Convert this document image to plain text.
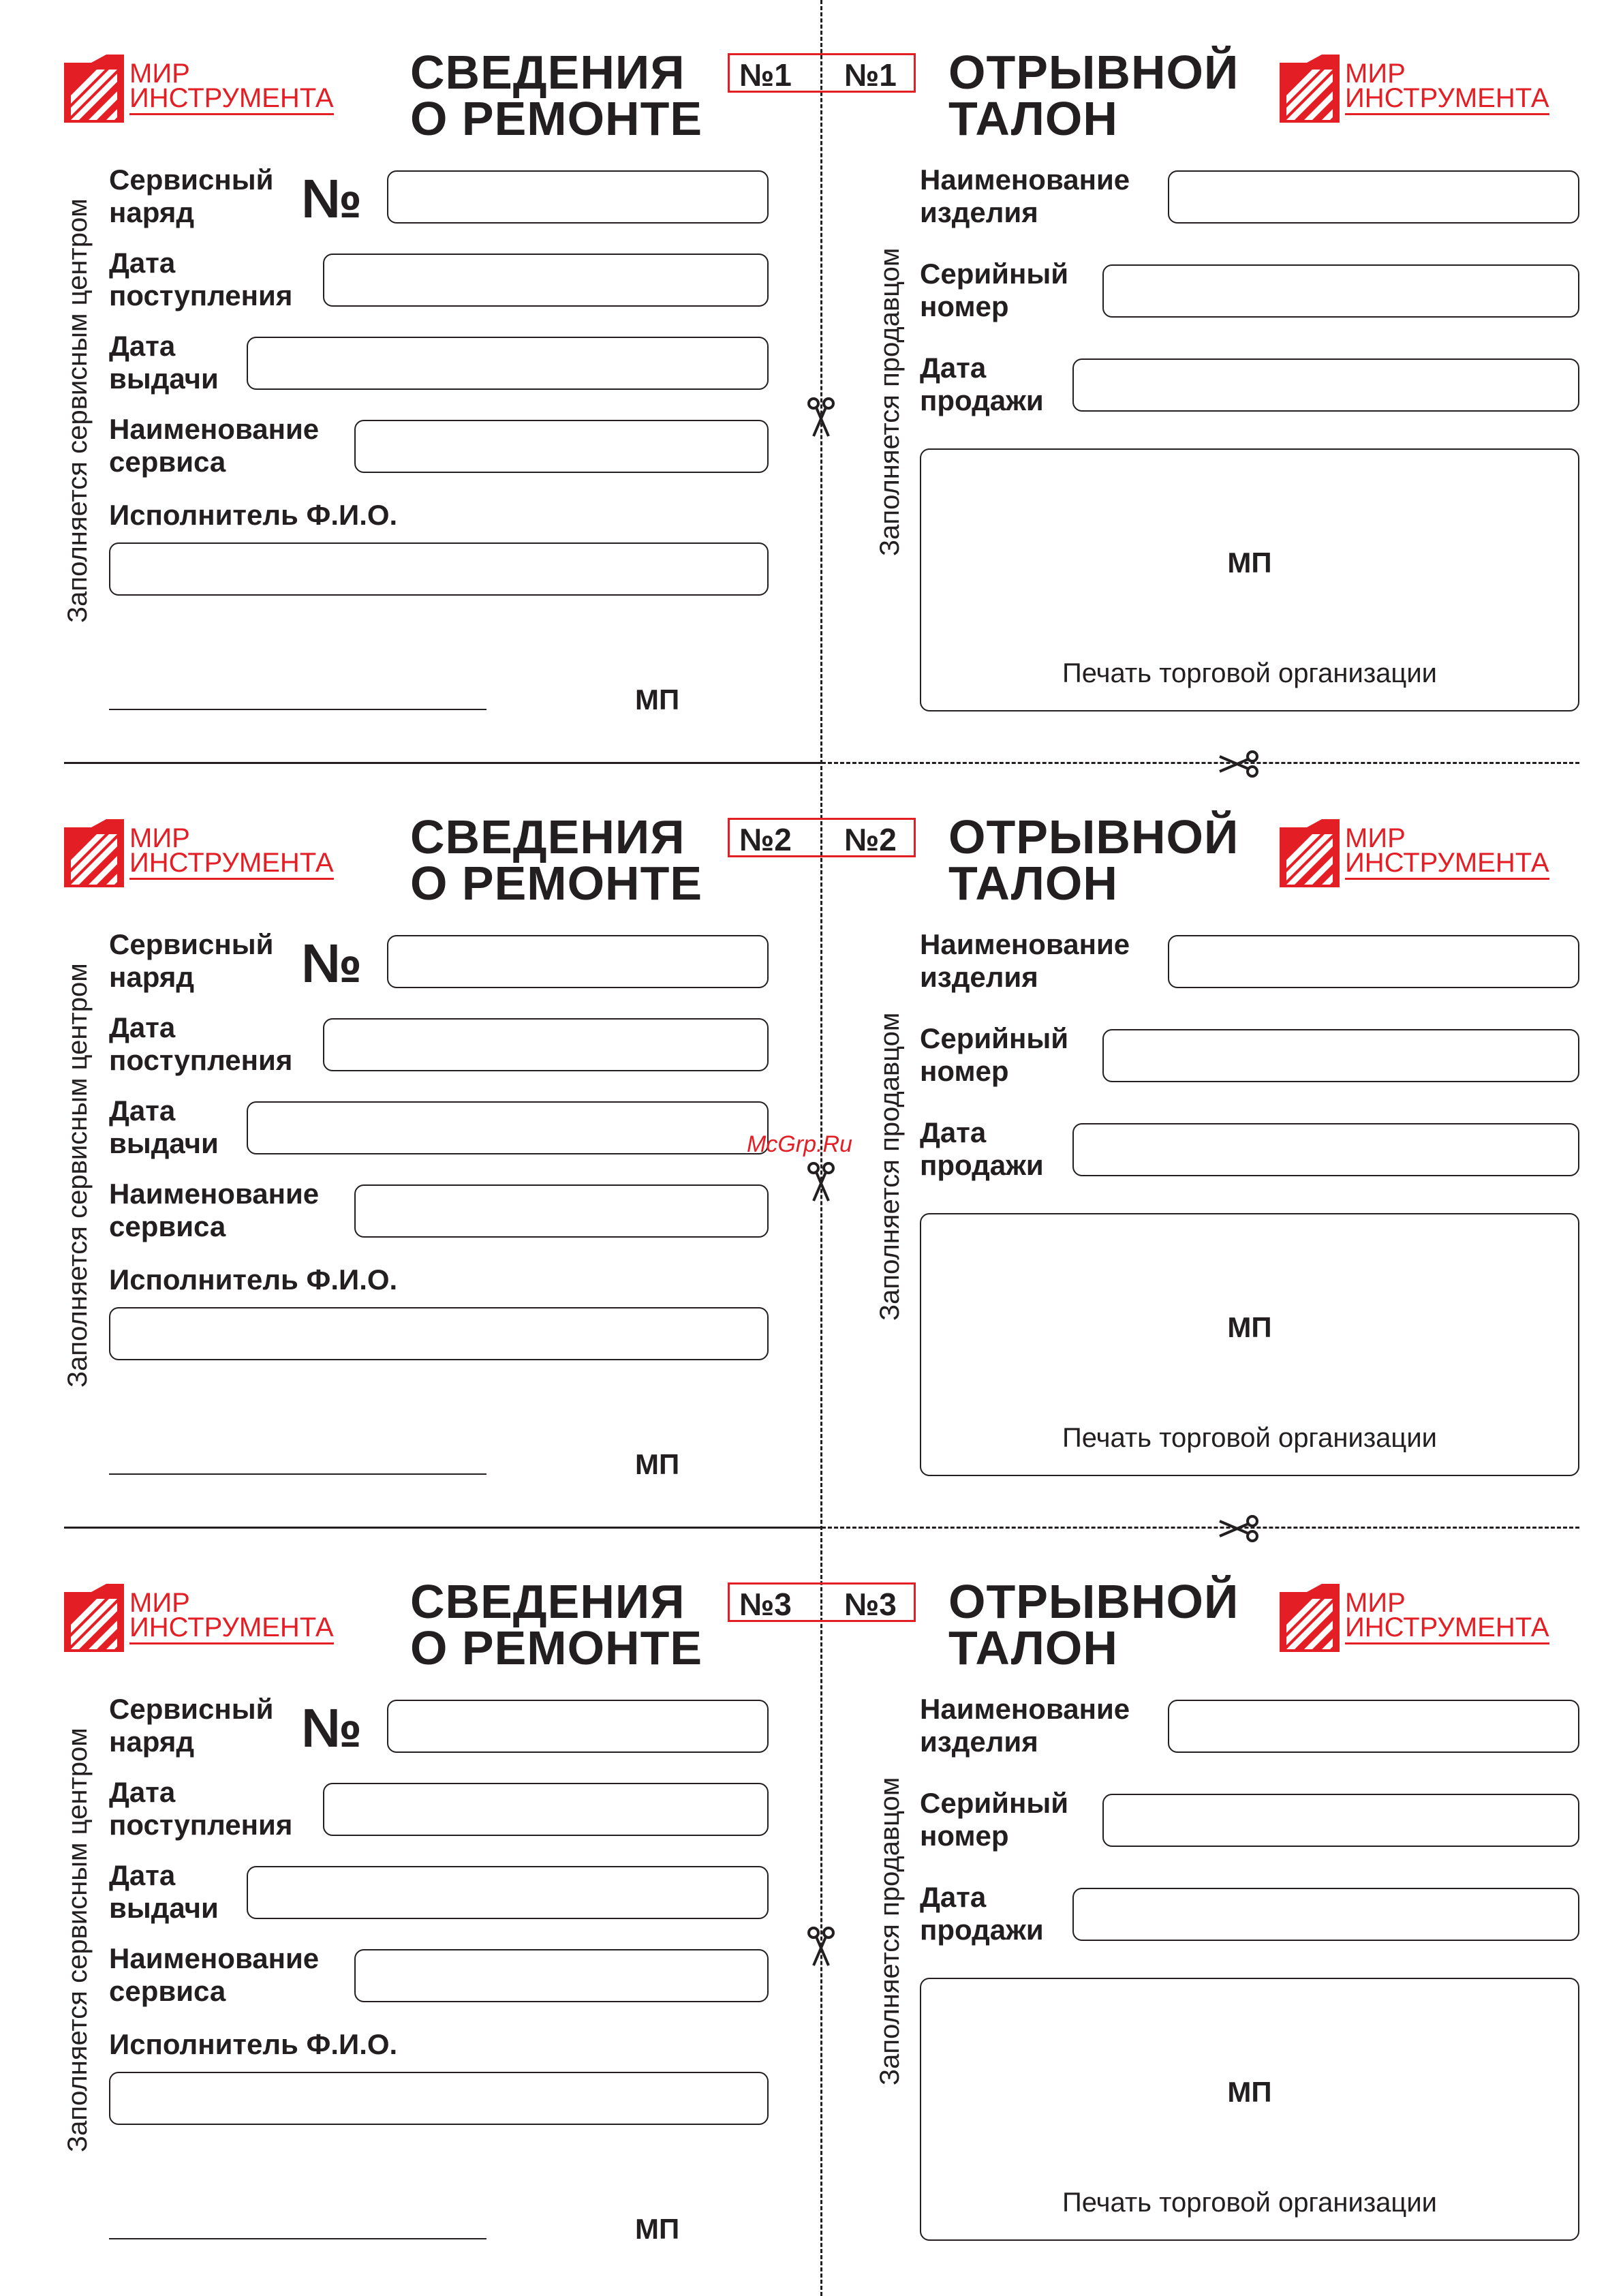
МИР
ИНСТРУМЕНТА СВЕДЕНИЯ
О РЕМОНТЕ
№1 №1 ОТРЫВНОЙ
ТАЛОН
МИР
ИНСТРУМЕНТА
Заполняется сервисным центром	Заполняется продавцом
Сервисный
наряд	№
Дата
поступления
Дата
выдачи
Наименование
сервиса
Исполнитель Ф.И.О.
МП
Наименование
изделия
Серийный
номер
Дата
продажи
МП
Печать торговой организации
МИР
ИНСТРУМЕНТА СВЕДЕНИЯ
О РЕМОНТЕ
№2 №2 ОТРЫВНОЙ
ТАЛОН
МИР
ИНСТРУМЕНТА
Заполняется сервисным центром	Заполняется продавцом
Сервисный
наряд	№
Дата
поступления
Дата
выдачи
Наименование
сервиса
Исполнитель Ф.И.О.
МП
Наименование
изделия
Серийный
номер
Дата
продажи
МП
Печать торговой организации
МИР
ИНСТРУМЕНТА СВЕДЕНИЯ
О РЕМОНТЕ
№3 №3 ОТРЫВНОЙ
ТАЛОН
МИР
ИНСТРУМЕНТА
Заполняется сервисным центром	Заполняется продавцом
Сервисный
наряд	№
Дата
поступления
Дата
выдачи
Наименование
сервиса
Исполнитель Ф.И.О.
МП
Наименование
изделия
Серийный
номер
Дата
продажи
МП
Печать торговой организации
McGrp.Ru
